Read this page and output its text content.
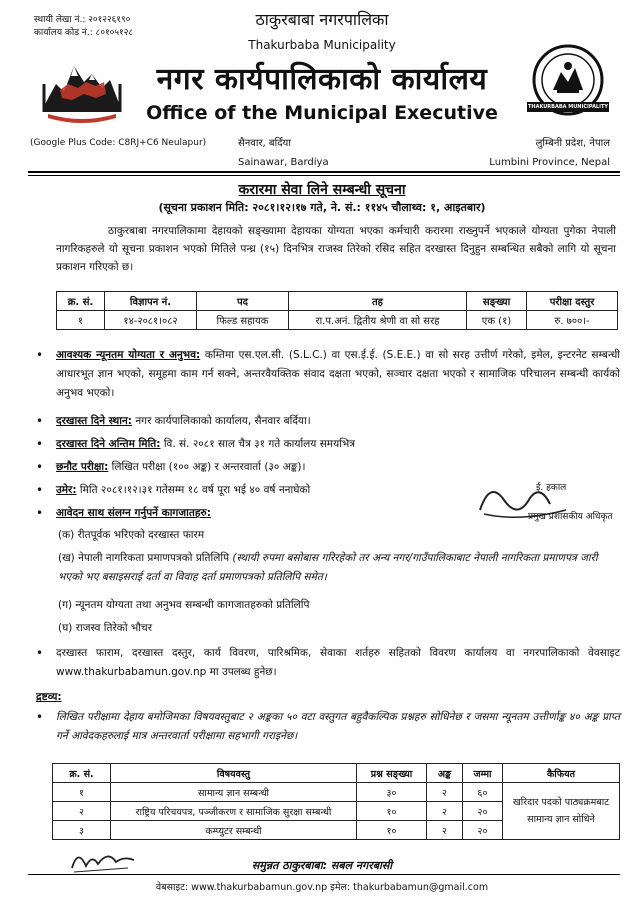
स्थायी लेखा नं.: २०१२२६१९०
कार्यालय कोड नं.: ८०१०५१२८
THAKURBABA MUNICIPALITY
ठाकुरबाबा नगरपालिका
Thakurbaba Municipality
नगर कार्यपालिकाको कार्यालय
Office of the Municipal Executive
(Google Plus Code: C8RJ+C6 Neulapur)	सैनवार, बर्दिया
Sainawar, Bardiya
लुम्बिनी प्रदेश, नेपाल
Lumbini Province, Nepal
करारमा सेवा लिने सम्बन्धी सूचना
(सूचना प्रकाशन मिति: २०८१।१२।१७ गते, ने. सं.: ११४५ चौलाथ्व: १, आइतबार)
ठाकुरबाबा नगरपालिकामा देहायको सङ्ख्यामा देहायका योग्यता भएका कर्मचारी करारमा राख्नुपर्ने भएकाले योग्यता पुगेका नेपाली नागरिकहरुले यो सूचना प्रकाशन भएको मितिले पन्ध्र (१५) दिनभित्र राजस्व तिरेको रसिद सहित दरखास्त दिनुहुन सम्बन्धित सबैको लागि यो सूचना प्रकाशन गरिएको छ।
क्र. सं.	विज्ञापन नं.	पद	तह	सङ्ख्या	परीक्षा दस्तुर
१	१४-२०८१।०८२	फिल्ड सहायक	रा.प.अनं. द्वितीय श्रेणी वा सो सरह	एक (१)	रु. ७००।-
• आवश्यक न्यूनतम योग्यता र अनुभव: कम्तिमा एस.एल.सी. (S.L.C.) वा एस.ई.ई. (S.E.E.) वा सो सरह उत्तीर्ण गरेको, इमेल, इन्टरनेट सम्बन्धी आधारभूत ज्ञान भएको, समूहमा काम गर्न सक्ने, अन्तरवैयक्तिक संवाद दक्षता भएको, सञ्चार दक्षता भएको र सामाजिक परिचालन सम्बन्धी कार्यको अनुभव भएको।
• दरखास्त दिने स्थान: नगर कार्यपालिकाको कार्यालय, सैनवार बर्दिया।
• दरखास्त दिने अन्तिम मिति: वि. सं. २०८१ साल चैत्र ३१ गते कार्यालय समयभित्र
• छनौट परीक्षा: लिखित परीक्षा (१०० अङ्क) र अन्तरवार्ता (३० अङ्क)।
• उमेर: मिति २०८१।१२।३१ गतेसम्म १८ वर्ष पूरा भई ४० वर्ष ननाघेको
• आवेदन साथ संलग्न गर्नुपर्ने कागजातहरु:
(क) रीतपूर्वक भरिएको दरखास्त फारम
(ख) नेपाली नागरिकता प्रमाणपत्रको प्रतिलिपि (स्थायी रुपमा बसोबास गरिरहेको तर अन्य नगर/गाउँपालिकाबाट नेपाली नागरिकता प्रमाणपत्र जारी भएको भए बसाइसराई दर्ता वा विवाह दर्ता प्रमाणपत्रको प्रतिलिपि समेत।
(ग) न्यूनतम योग्यता तथा अनुभव सम्बन्धी कागजातहरुको प्रतिलिपि
(घ) राजस्व तिरेको भौचर
• दरखास्त फाराम, दरखास्त दस्तुर, कार्य विवरण, पारिश्रमिक, सेवाका शर्तहरु सहितको विवरण कार्यालय वा नगरपालिकाको वेवसाइट www.thakurbabamun.gov.np मा उपलब्ध हुनेछ।
द्रष्टव्य:
• लिखित परीक्षामा देहाय बमोजिमका विषयवस्तुबाट २ अङ्कका ५० वटा वस्तुगत बहुवैकल्पिक प्रश्नहरु सोधिनेछ र जसमा न्यूनतम उत्तीर्णाङ्क ४० अङ्क प्राप्त गर्ने आवेदकहरुलाई मात्र अन्तरवार्ता परीक्षामा सहभागी गराइनेछ।
ई. हकाल
प्रमुख प्रशासकीय अधिकृत
क्र. सं.	विषयवस्तु	प्रश्न सङ्ख्या	अङ्क	जम्मा	कैफियत
१	सामान्य ज्ञान सम्बन्धी	३०	२	६०	खरिदार पदको पाठ्यक्रमबाट सामान्य ज्ञान सोधिने
२	राष्ट्रिय परिचयपत्र, पञ्जीकरण र सामाजिक सुरक्षा सम्बन्धी	१०	२	२०	
३	कम्प्युटर सम्बन्धी	१०	२	२०	
समुन्नत ठाकुरबाबा: सबल नगरबासी
वेबसाइट: www.thakurbabamun.gov.np इमेल: thakurbabamun@gmail.com
